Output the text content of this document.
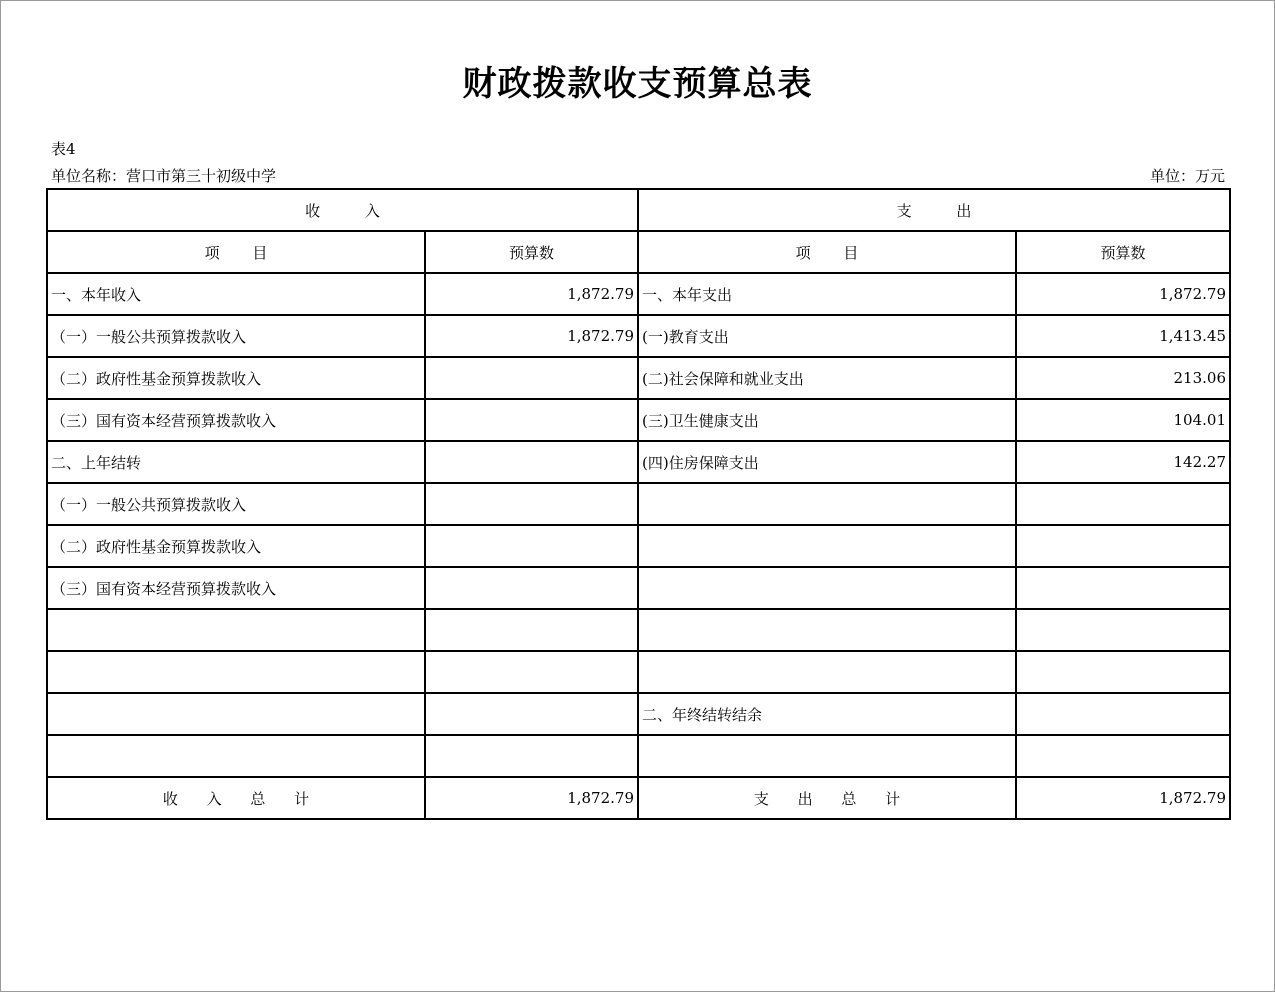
财政拨款收支预算总表
表4
单位名称：营口市第三十初级中学	单位：万元
收 入		支 出	
项 目	预算数	项 目	预算数
一、本年收入	1,872.79	一、本年支出	1,872.79
（一）一般公共预算拨款收入	1,872.79	(一)教育支出	1,413.45
（二）政府性基金预算拨款收入		(二)社会保障和就业支出	213.06
（三）国有资本经营预算拨款收入		(三)卫生健康支出	104.01
二、上年结转		(四)住房保障支出	142.27
（一）一般公共预算拨款收入			
（二）政府性基金预算拨款收入			
（三）国有资本经营预算拨款收入			

		二、年终结转结余	

收 入 总 计	1,872.79	支 出 总 计	1,872.79
